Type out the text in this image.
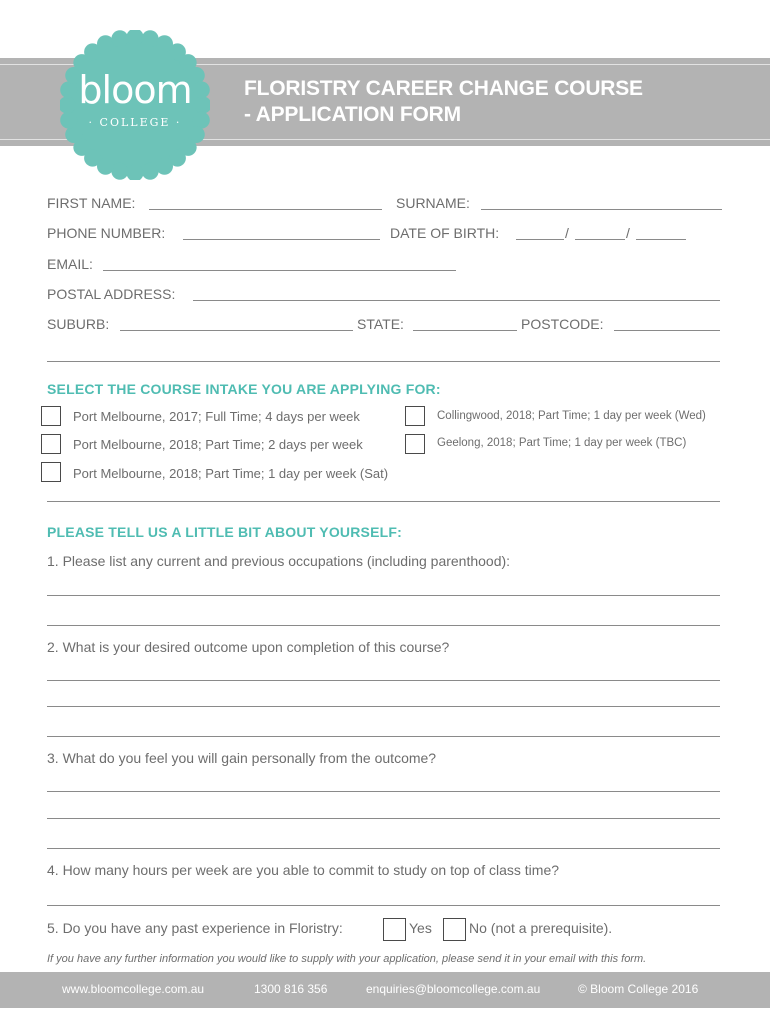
FLORISTRY CAREER CHANGE COURSE
- APPLICATION FORM
bloom
· COLLEGE ·
FIRST NAME:	SURNAME:
PHONE NUMBER:	DATE OF BIRTH:	/	/
EMAIL:
POSTAL ADDRESS:
SUBURB:	STATE:	POSTCODE:
SELECT THE COURSE INTAKE YOU ARE APPLYING FOR:
Port Melbourne, 2017; Full Time; 4 days per week
Port Melbourne, 2018; Part Time; 2 days per week
Port Melbourne, 2018; Part Time; 1 day per week (Sat)
Collingwood, 2018; Part Time; 1 day per week (Wed)
Geelong, 2018; Part Time; 1 day per week (TBC)
PLEASE TELL US A LITTLE BIT ABOUT YOURSELF:
1. Please list any current and previous occupations (including parenthood):
2. What is your desired outcome upon completion of this course?
3. What do you feel you will gain personally from the outcome?
4. How many hours per week are you able to commit to study on top of class time?
5. Do you have any past experience in Floristry:	Yes	No (not a prerequisite).
If you have any further information you would like to supply with your application, please send it in your email with this form.
www.bloomcollege.com.au	1300 816 356	enquiries@bloomcollege.com.au	© Bloom College 2016
